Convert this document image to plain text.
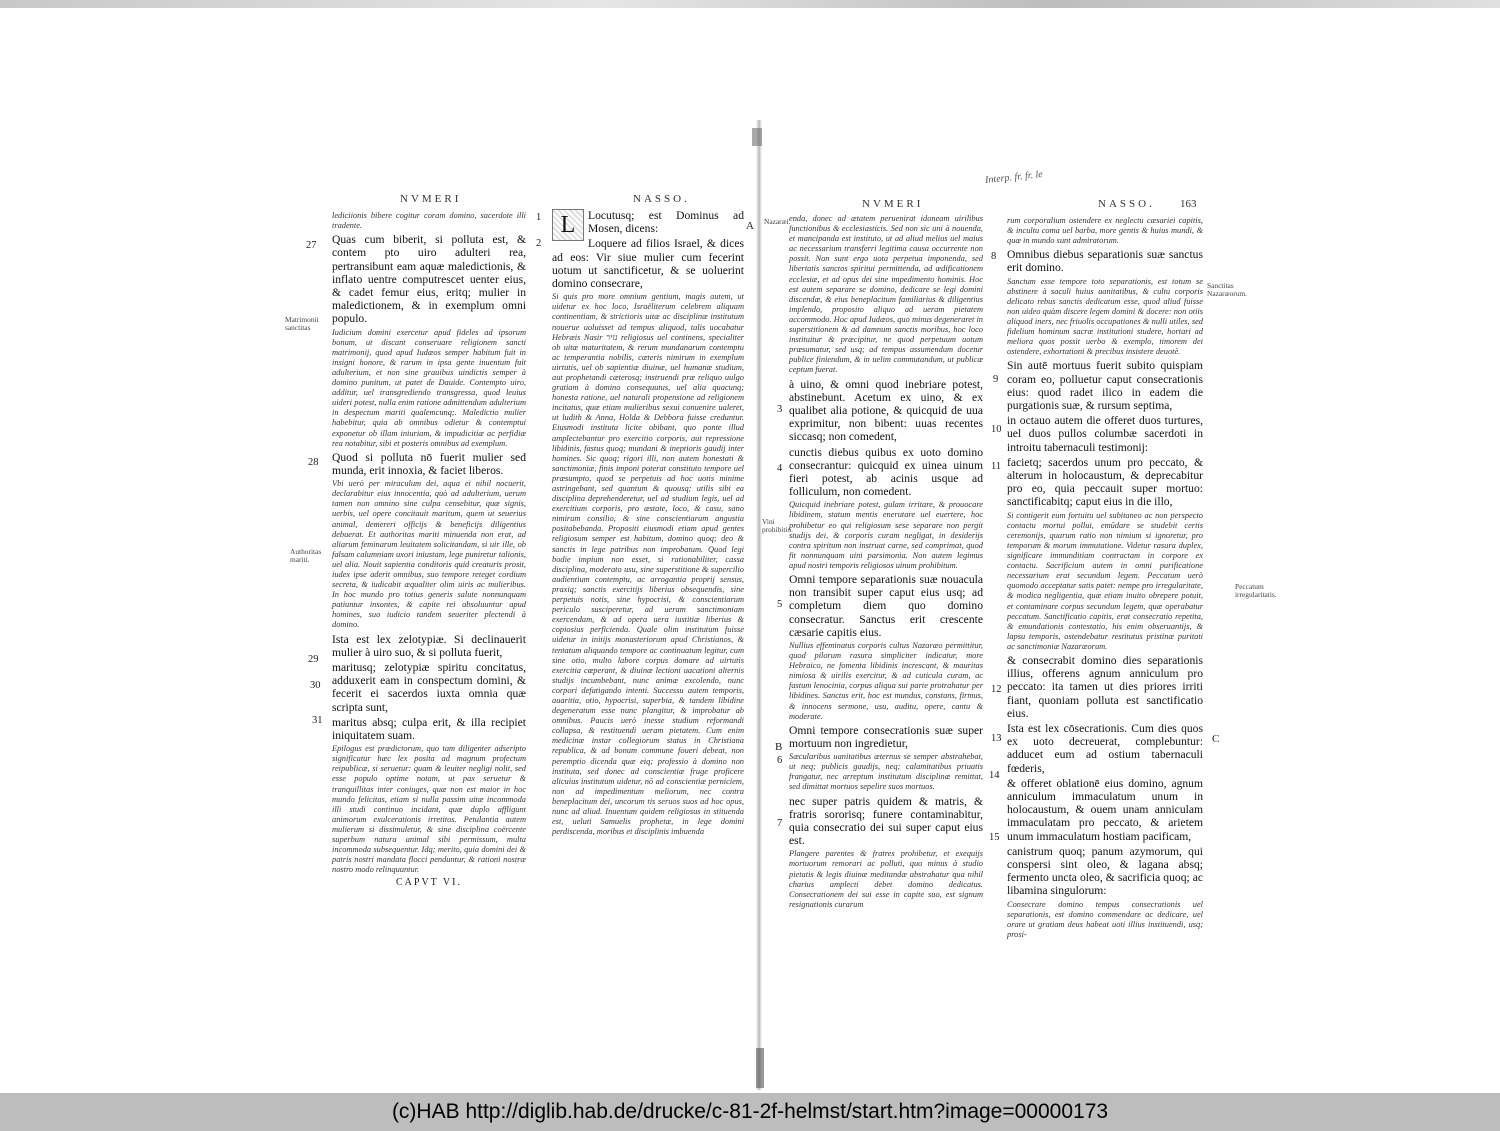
NVMERI	NASSO.	NVMERI	NASSO. 163
Interp. fr. fr. le
Matrimonii sanctitas
Authoritas mariti.
Nazaræi.
Vini prohibitio.
Sanctitas Nazaræorum.
Peccatum irregularitatis.
27
28
29
30
31
1
2
A
3
4
5
B
6
7
8
9
10
11
12
13
14
15
C

lediciionis bibere cogitur coram domino, sacerdote illi tradente.

Quas cum biberit, si polluta est, & contem pto uiro adulteri rea, pertransibunt eam aquæ maledictionis, & inflato uentre computrescet uenter eius, & cadet femur eius, eritq; mulier in maledictionem, & in exemplum omni populo.

Iudicium domini exercetur apud fideles ad ipsorum bonum, ut discant conseruare religionem sancti matrimonij, quod apud Iudæos semper habitum fuit in insigni honore, & rarum in ipsa gente inuentum fuit adulterium, et non sine grauibus uindictis semper à domino punitum, ut patet de Dauide. Contempto uiro, additur, uel transgrediendo transgressa, quod leuius uideri potest, nulla enim ratione admittendum adulterium in despectum mariti qualemcunq;. Maledictio mulier habebitur, quia ab omnibus odietur & contemptui exponetur ob illam iniuriam, & impudicitiæ ac perfidiæ rea notabitur, sibi et posteris omnibus ad exemplum.

Quod si polluta nō fuerit mulier sed munda, erit innoxia, & faciet liberos.

Vbi uerò per miraculum dei, aqua ei nihil nocuerit, declarabitur eius innocentia, quò ad adulterium, uerum tamen non omnino sine culpa censebitur, quæ signis, uerbis, uel opere concitauit maritum, quem ut seuerius animal, demereri officijs & beneficijs diligentius debuerat. Et authoritas mariti minuenda non erat, ad aliarum feminarum leuitatem solicitandam, si uir ille, ob falsam calumniam uxori iniustam, lege puniretur talionis, uel alia. Nouit sapientia conditoris quid creaturis prosit, iudex ipse aderit omnibus, suo tempore reteget cordium secreta, & iudicabit æqualiter olim uiris ac mulieribus. In hoc mundo pro totius generis salute nonnunquam patiuntur insontes, & capite rei absoluuntur apud homines, suo iudicio tandem seueriter plectendi à domino.

Ista est lex zelotypiæ. Si declinauerit mulier à uiro suo, & si polluta fuerit,

maritusq; zelotypiæ spiritu concitatus, adduxerit eam in conspectum domini, & fecerit ei sacerdos iuxta omnia quæ scripta sunt,

maritus absq; culpa erit, & illa recipiet iniquitatem suam.

Epilogus est prædictorum, quo tam diligenter adseripto significatur hæc lex posita ad magnum profectum reipublicæ, si seruetur: quam & leuiter negligi nolit, sed esse populo optime notam, ut pax seruetur & tranquillitas inter coniuges, quæ non est maior in hoc mundo felicitas, etiam si nulla passim uitæ incommoda illi studi continuo incidant, quæ duplo affligunt animorum exulcerationis irretitos. Petulantia autem mulierum si dissimuletur, & sine disciplina coërcente superbum natura animal sibi permissum, multa incommoda subsequentur. Idq; merito, quia domini dei & patris nostri mandata flocci penduntur, & rationi nostræ nostro modo relinquuntur.

CAPVT VI.

L	Locutusq; est Dominus ad Mosen, dicens:

Loquere ad filios Israel, & dices ad eos: Vir siue mulier cum fecerint uotum ut sanctificetur, & se uoluerint domino consecrare,

Si quis pro more omnium gentium, magis autem, ut uidetur ex hoc loco, Israëliterum celebrem aliquam continentiam, & strictioris uitæ ac disciplinæ institutum nouerue uoluisset ad tempus aliquod, talis uocabatur Hebræis Nasir נזיר religiosus uel continens, specialiter ob uitæ maturitatem, & rerum mundanarum contemptu ac temperantia nobilis, cæteris nimirum in exemplum uirtutis, uel ob sapientiæ diuinæ, uel humanæ studium, aut prophetandi cæterosq; instruendi præ reliquo uulgo gratiam à domino consequutus, uel alia quacunq; honesta ratione, uel naturali propensione ad religionem incitatus, quæ etiam mulieribus sexui conuenire ualeret, ut ludith & Anna, Holda & Debbora fuisse creduntur. Eiusmodi instituta licite obibant, quo ponte illud amplectebantur pro exercitio corporis, aut repressione libidinis, fastus quoq; mundani & ineptioris gaudij inter homines. Sic quoq; rigori illi, non autem honestati & sanctimoniæ, finis imponi poterat constituto tempore uel præsumpto, quod se perpetuis ad hoc uotis minime astringebant, sed quantum & quousq; utilis sibi ea disciplina deprehenderetur, uel ad studium legis, uel ad exercitium corporis, pro æstate, loco, & casu, sano nimirum consilio, & sine conscientiarum angustia positabebanda. Propositi eiusmodi etiam apud gentes religiosum semper est habitum, domino quoq; deo & sanctis in lege patribus non improbatum. Quod legi bodie impium non esset, si rationabiliter, cassa disciplina, moderato usu, sine superstitione & supercilio audientium contemptu, ac arrogantia proprij sensus, praxiq; sanctis exercitijs liberius obsequendis, sine perpetuis notis, sine hypocrisi, & conscientiarum periculo susciperetur, ad ueram sanctimoniam exercendam, & ad opera uera iustitiæ liberius & copiosius perficienda. Quale olim institutum fuisse uidetur in initijs monasteriorum apud Christianos, & tentatum aliquando tempore ac continuatum legitur, cum sine otio, multo labore corpus domare ad uirtutis exercitia cœperant, & diuinæ lectioni uacationi alternis studijs incumbebant, nunc animæ excolendo, nunc corpori defatigando intenti. Successu autem temporis, auaritia, otio, hypocrisi, superbia, & tandem libidine degeneratum esse nunc plangitur, & improbatur ab omnibus. Paucis uerò inesse studium reformandi collapsa, & restituendi ueram pietatem. Cum enim medicinæ instar collegiorum status in Christiana republica, & ad bonum commune foueri debeat, non peremptio dicenda quæ eiq; professio à domino non instituta, sed donec ad conscientiæ fruge proficere alicuius institutum uidetur, nō ad conscientiæ perniciem, non ad impedimentum meliorum, nec contra beneplacitum dei, uncorum tis seruos suos ad hoc opus, nunc ad aliud. Inuentum quidem religiosus in stituenda est, ueluti Samuelis prophetæ, in lege domini perdiscenda, moribus et disciplinis imbuenda

enda, donec ad ætatem peruenirat idoneam uirilibus functionibus & ecclesiasticis. Sed non sic uni à nouenda, et mancipanda est instituto, ut ad aliud melius uel maius ac necessarium transferri legitima causa occurrente non possit. Non sunt ergo uota perpetua imponenda, sed libertatis sanctos spiritui permittenda, ad ædificationem ecclesiæ, et ad opus dei sine impedimento hominis. Hoc est autem separare se domino, dedicare se legi domini discendæ, & eius beneplacitum familiarius & diligentius implendo, proposito aliquo ad ueram pietatem accommodo. Hoc apud Iudæos, quo minus degeneraret in superstitionem & ad damnum sanctis moribus, hoc loco instituitur & præcipitur, ne quod perpetuum uotum præsumatur, sed usq; ad tempus assumendum docetur publice finiendum, & in uelim commutandum, ut publicæ ceptum fuerat.

à uino, & omni quod inebriare potest, abstinebunt. Acetum ex uino, & ex qualibet alia potione, & quicquid de uua exprimitur, non bibent: uuas recentes siccasq; non comedent,

cunctis diebus quibus ex uoto domino consecrantur: quicquid ex uinea uinum fieri potest, ab acinis usque ad folliculum, non comedent.

Quicquid inebriare potest, gulam irritare, & prouocare libidinem, statum mentis enerutare uel euertere, hoc prohibetur eo qui religiosum sese separare non pergit studijs dei, & corporis curam negligat, in desiderijs contra spiritum non instruat carne, sed comprimat, quod fit nonnunquam uini parsimonia. Non autem legimus apud nostri temporis religiosos uinum prohibitum.

Omni tempore separationis suæ nouacula non transibit super caput eius usq; ad completum diem quo domino consecratur. Sanctus erit crescente cæsarie capitis eius.

Nullius effeminatus corporis cultus Nazaræo permittitur, quod pilorum rasura simpliciter indicatur, more Hebraico, ne fomenta libidinis increscant, & mauritas nimiosa & uirilis exercitur, & ad cuticula curam, ac fastum lenocinia, corpus aliqua sui parte protrahatur per libidines. Sanctus erit, hoc est mundus, constans, firmus, & innocens sermone, usu, auditu, opere, cantu & moderate.

Omni tempore consecrationis suæ super mortuum non ingredietur,

Sæcularibus uanitatibus æternus se semper abstrahebat, ut neq; publicis gaudijs, neq; calamitatibus priuatis frangatur, nec arreptum institutum disciplinæ remittat, sed dimittat mortuos sepelire suos mortuos.

nec super patris quidem & matris, & fratris sororisq; funere contaminabitur, quia consecratio dei sui super caput eius est.

Plangere parentes & fratres prohibetur, et exequijs mortuorum remorari ac polluti, quo minus à studio pietatis & legis diuinæ meditandæ abstrahatur qua nihil charius amplecti debet domino dedicatus. Consecrationem dei sui esse in capite suo, est signum resignationis curarum

rum corporalium ostendere ex neglectu cæsariei capitis, & incultu coma uel barba, more gentis & huius mundi, & quæ in mundo sunt admiratorum.

Omnibus diebus separationis suæ sanctus erit domino.

Sanctum esse tempore toto separationis, est totum se abstinere à saculi huius uanitatibus, & cultu corporis delicato rebus sanctis dedicatum esse, quod aliud fuisse non uideo quàm discere legem domini & docere: non otiis aliquod iners, nec friuolis occupationes & nulli utiles, sed fidelium hominum sacræ institutioni studere, hortari ad meliora quos possit uerbo & exemplo, timorem dei ostendere, exhortationi & precibus insistere deuotè.

Sin autē mortuus fuerit subito quispiam coram eo, polluetur caput consecrationis eius: quod radet ilico in eadem die purgationis suæ, & rursum septima,

in octauo autem die offeret duos turtures, uel duos pullos columbæ sacerdoti in introitu tabernaculi testimonij:

facietq; sacerdos unum pro peccato, & alterum in holocaustum, & deprecabitur pro eo, quia peccauit super mortuo: sanctificabitq; caput eius in die illo,

Si contigerit eum fortuitu uel subitaneo ac non perspecto contactu mortui pollui, emūdare se studebit certis ceremonijs, quarum ratio non nimium si ignoretur, pro temporum & morum immutatione. Videtur rasura duplex, significare immunditiam contractam in corpore ex contactu. Sacrificium autem in omni purificatione necessarium erat secundum legem. Peccatum uerò quomodo acceptatur satis patet: nempe pro irregularitate, & modica negligentia, quæ etiam inuito obrepere potuit, et contaminare corpus secundum legem, quæ operabatur peccatum. Sanctificatio capitis, erat consecratio repetita, & emundationis contestatio, his enim obseruantijs, & lapsu temporis, ostendebatur restitutus pristinæ puritati ac sanctimoniæ Nazaræorum.

& consecrabit domino dies separationis illius, offerens agnum anniculum pro peccato: ita tamen ut dies priores irriti fiant, quoniam polluta est sanctificatio eius.

Ista est lex cōsecrationis. Cum dies quos ex uoto decreuerat, complebuntur: adducet eum ad ostium tabernaculi fœderis,

& offeret oblationē eius domino, agnum anniculum immaculatum unum in holocaustum, & ouem unam anniculam immaculatam pro peccato, & arietem unum immaculatum hostiam pacificam,

canistrum quoq; panum azymorum, qui conspersi sint oleo, & lagana absq; fermento uncta oleo, & sacrificia quoq; ac libamina singulorum:

Consecrare domino tempus consecrationis uel separationis, est domino commendare ac dedicare, uel orare ut gratiam deus habeat uoti illius instituendi, usq; prosi-

(c)HAB http://diglib.hab.de/drucke/c-81-2f-helmst/start.htm?image=00000173
